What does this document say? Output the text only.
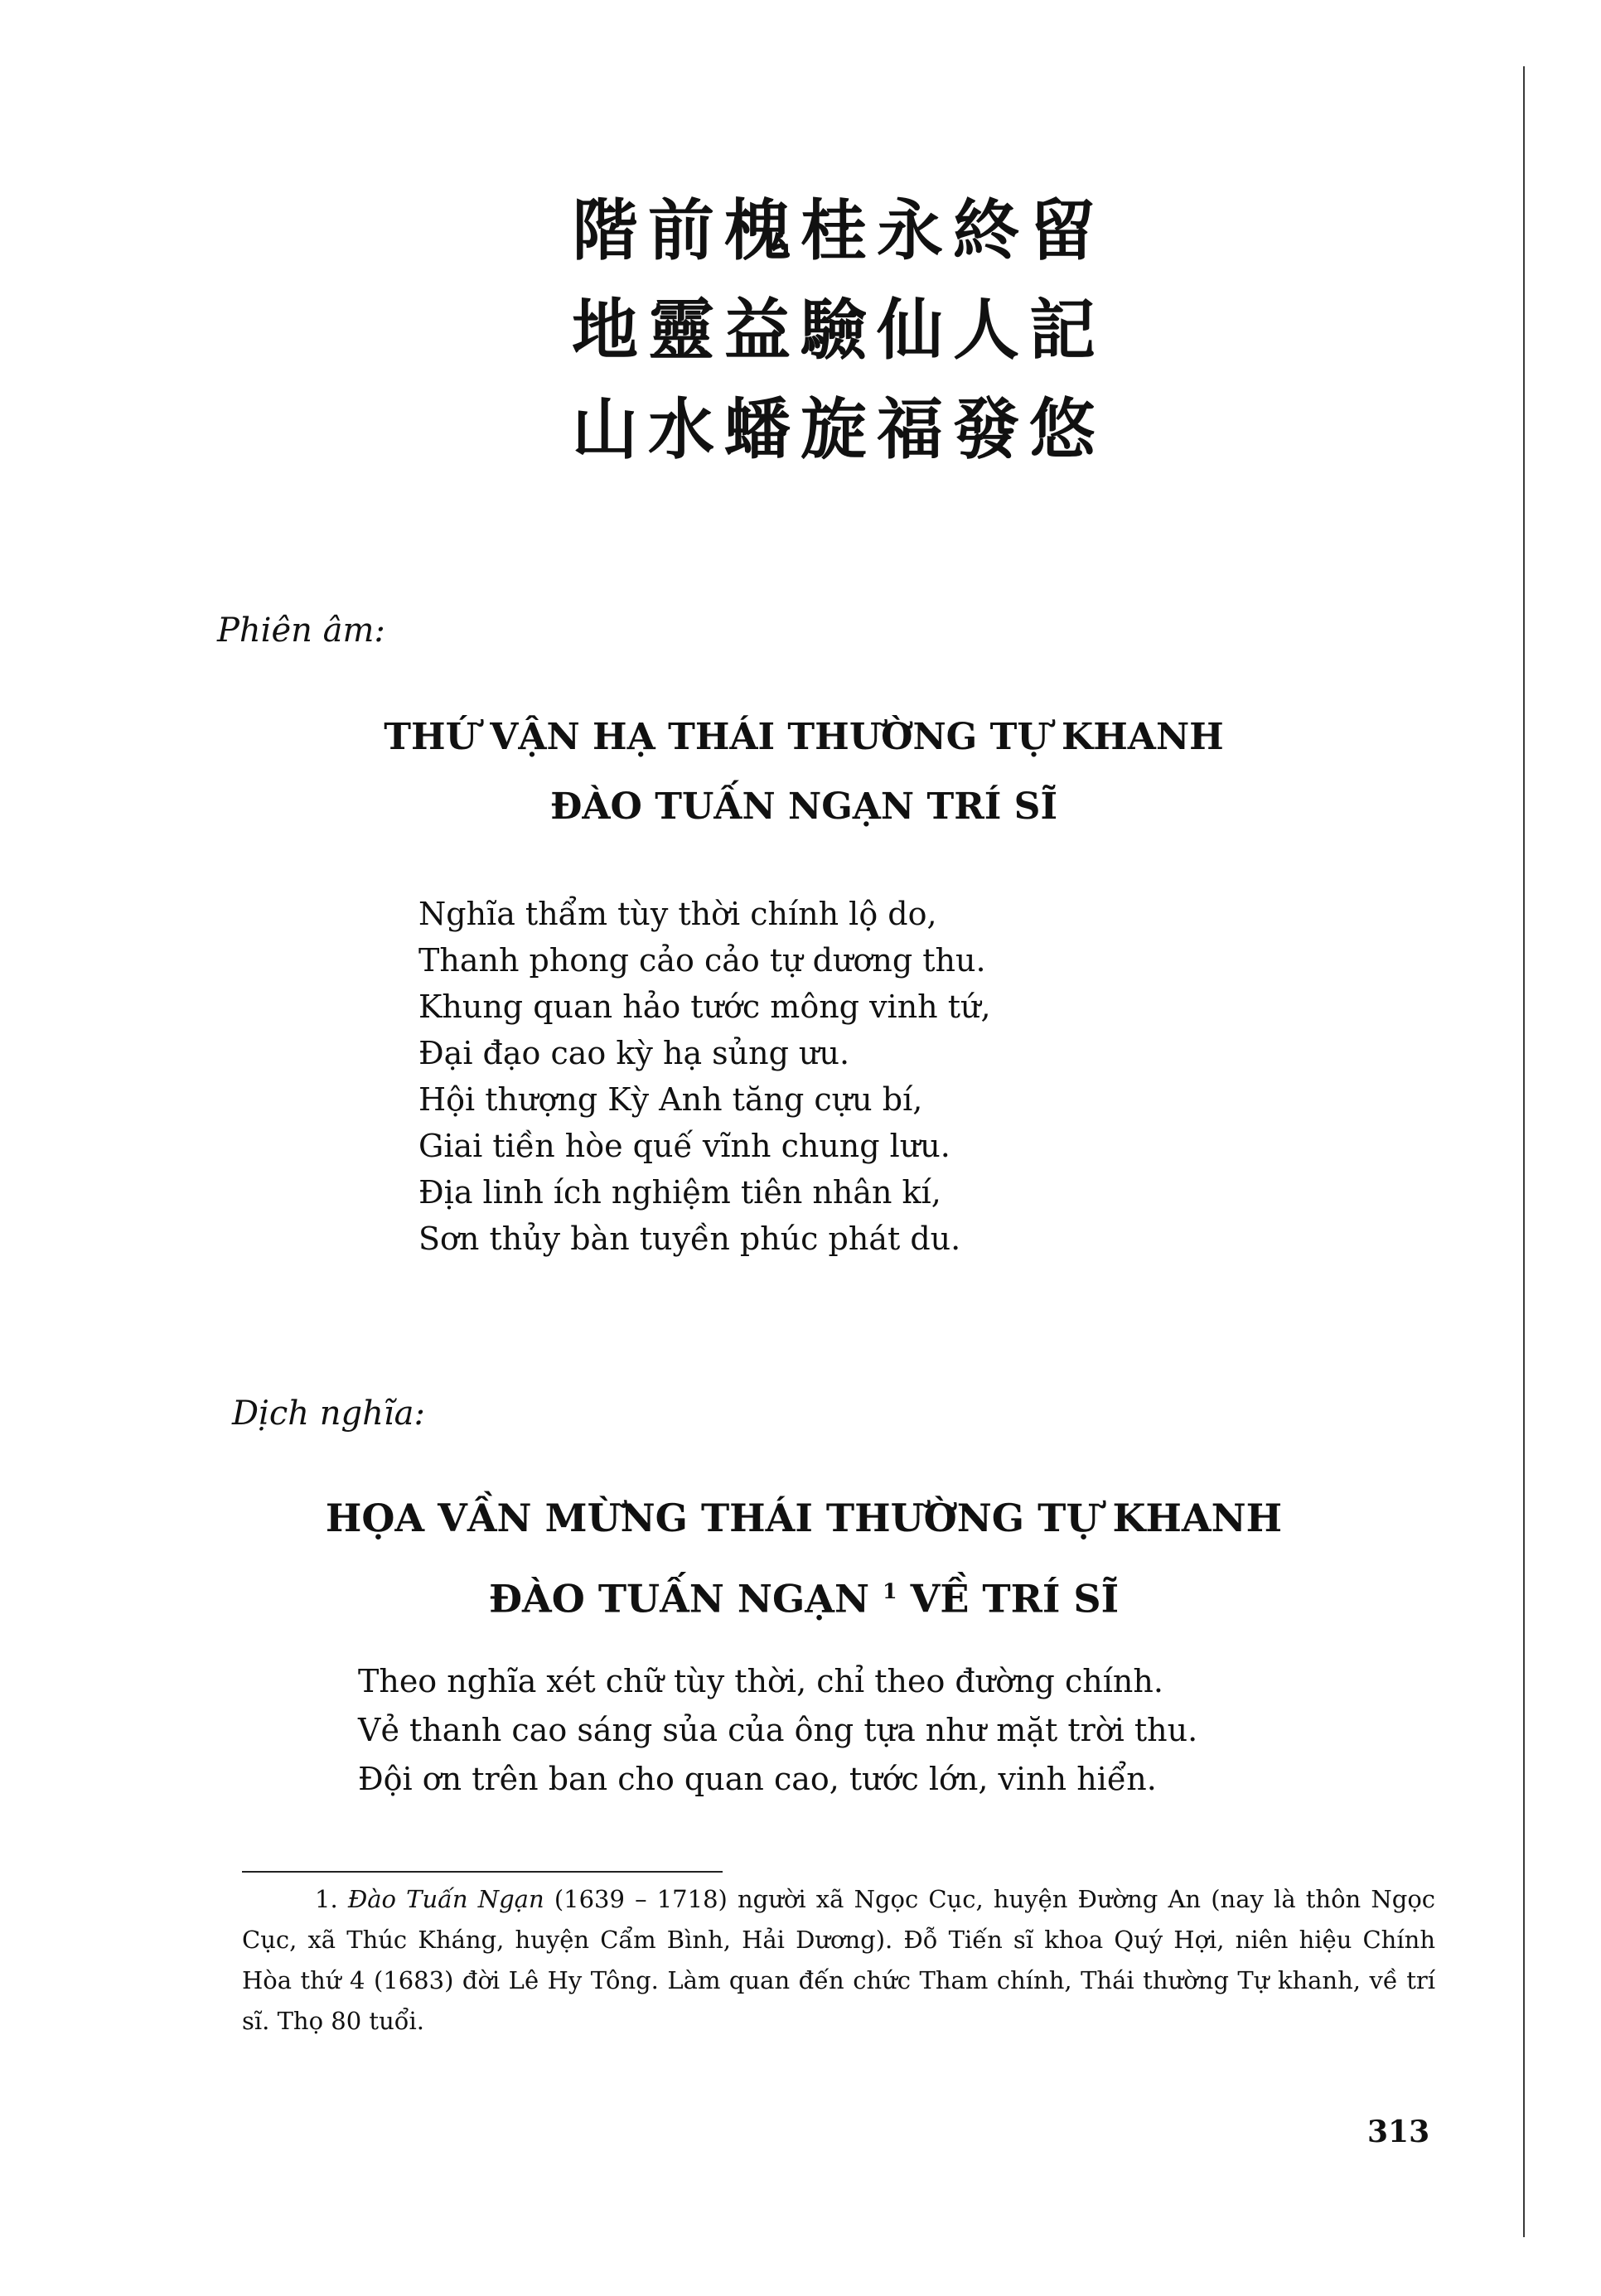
階前槐桂永終留
地靈益驗仙人記
山水蟠旋福發悠
Phiên âm:
THỨ VẬN HẠ THÁI THƯỜNG TỰ KHANH
ĐÀO TUẤN NGẠN TRÍ SĨ
Nghĩa thẩm tùy thời chính lộ do,
Thanh phong cảo cảo tự dương thu.
Khung quan hảo tước mông vinh tứ,
Đại đạo cao kỳ hạ sủng ưu.
Hội thượng Kỳ Anh tăng cựu bí,
Giai tiền hòe quế vĩnh chung lưu.
Địa linh ích nghiệm tiên nhân kí,
Sơn thủy bàn tuyền phúc phát du.
Dịch nghĩa:
HỌA VẦN MỪNG THÁI THƯỜNG TỰ KHANH
ĐÀO TUẤN NGẠN $^1$ VỀ TRÍ SĨ
Theo nghĩa xét chữ tùy thời, chỉ theo đường chính.
Vẻ thanh cao sáng sủa của ông tựa như mặt trời thu.
Đội ơn trên ban cho quan cao, tước lớn, vinh hiển.
1. Đào Tuấn Ngạn (1639 – 1718) người xã Ngọc Cục, huyện Đường An (nay là thôn Ngọc Cục, xã Thúc Kháng, huyện Cẩm Bình, Hải Dương). Đỗ Tiến sĩ khoa Quý Hợi, niên hiệu Chính Hòa thứ 4 (1683) đời Lê Hy Tông. Làm quan đến chức Tham chính, Thái thường Tự khanh, về trí sĩ. Thọ 80 tuổi.
313
